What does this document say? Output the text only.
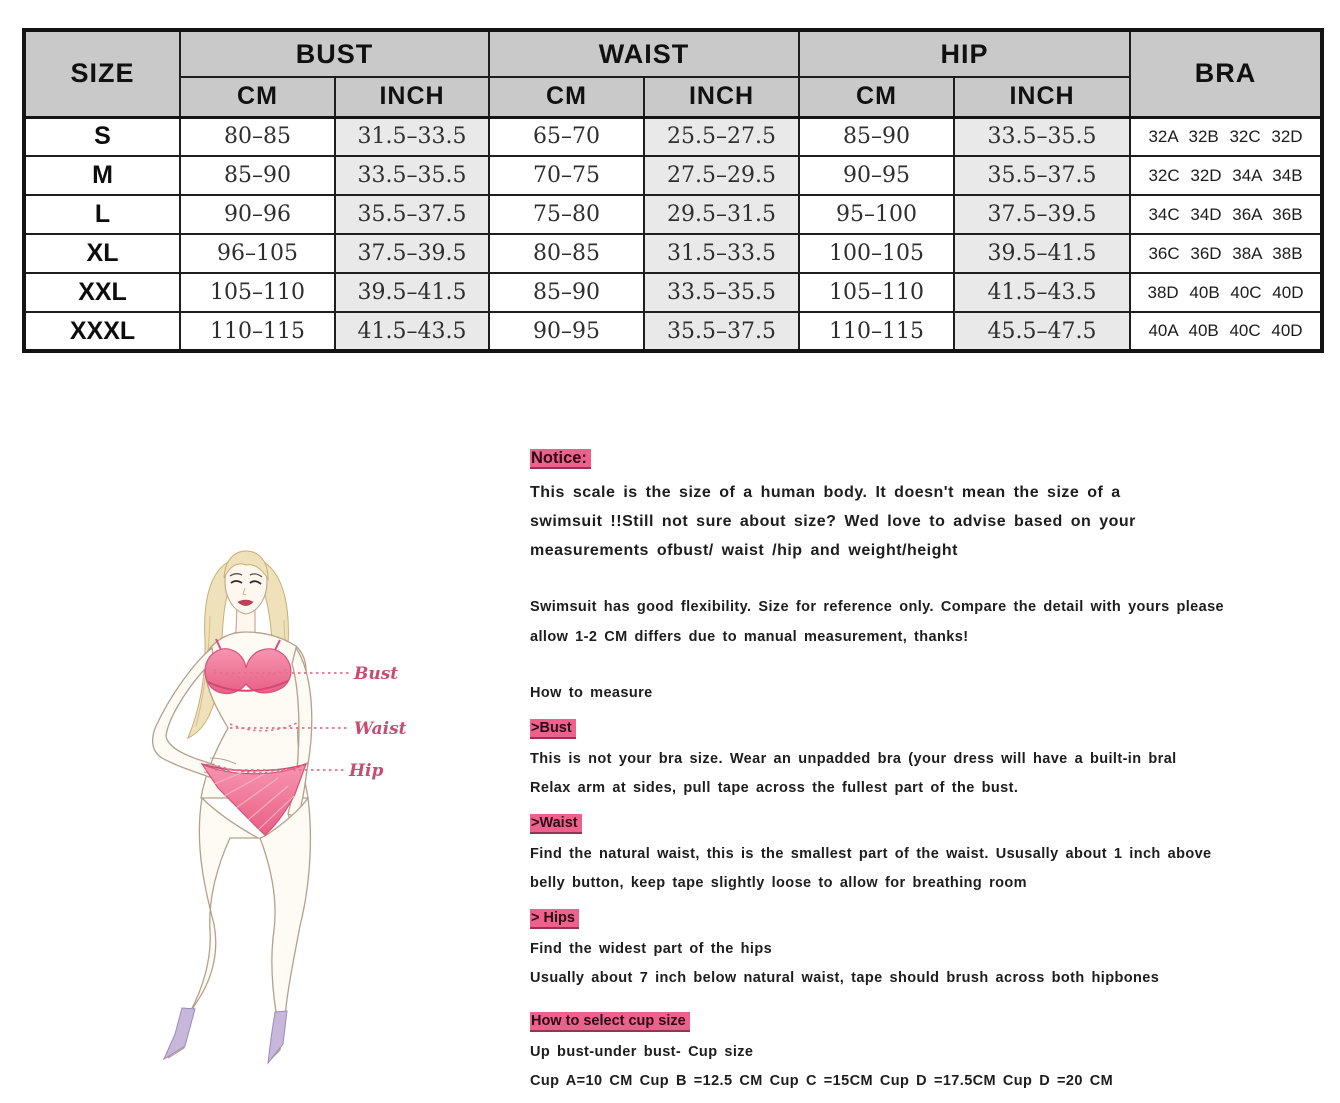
SIZE	BUST		WAIST		HIP		BRA
	CM	INCH	CM	INCH	CM	INCH	
S	80–85	31.5–33.5	65–70	25.5–27.5	85–90	33.5–35.5	32A 32B 32C 32D
M	85–90	33.5–35.5	70–75	27.5–29.5	90–95	35.5–37.5	32C 32D 34A 34B
L	90–96	35.5–37.5	75–80	29.5–31.5	95–100	37.5–39.5	34C 34D 36A 36B
XL	96–105	37.5–39.5	80–85	31.5–33.5	100–105	39.5–41.5	36C 36D 38A 38B
XXL	105–110	39.5–41.5	85–90	33.5–35.5	105–110	41.5–43.5	38D 40B 40C 40D
XXXL	110–115	41.5–43.5	90–95	35.5–37.5	110–115	45.5–47.5	40A 40B 40C 40D
Bust
Waist
Hip
Notice:
This scale is the size of a human body. It doesn't mean the size of a
swimsuit !!Still not sure about size? Wed love to advise based on your
measurements ofbust/ waist /hip and weight/height
Swimsuit has good flexibility. Size for reference only. Compare the detail with yours please
allow 1-2 CM differs due to manual measurement, thanks!
How to measure
>Bust
This is not your bra size. Wear an unpadded bra (your dress will have a built-in bral
Relax arm at sides, pull tape across the fullest part of the bust.
>Waist
Find the natural waist, this is the smallest part of the waist. Ususally about 1 inch above
belly button, keep tape slightly loose to allow for breathing room
> Hips
Find the widest part of the hips
Usually about 7 inch below natural waist, tape should brush across both hipbones
How to select cup size
Up bust-under bust- Cup size
Cup A=10 CM Cup B =12.5 CM Cup C =15CM Cup D =17.5CM Cup D =20 CM
